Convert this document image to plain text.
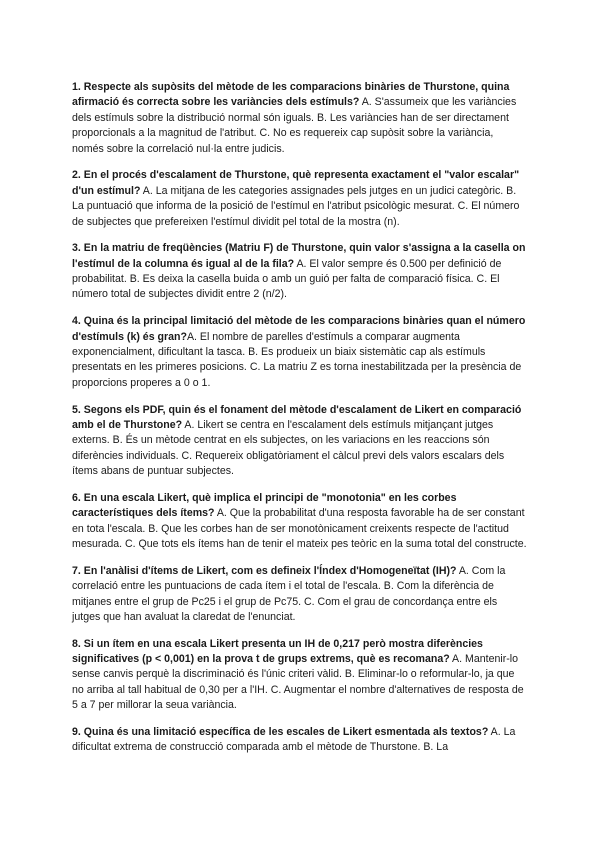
1. Respecte als supòsits del mètode de les comparacions binàries de Thurstone, quina afirmació és correcta sobre les variàncies dels estímuls? A. S'assumeix que les variàncies dels estímuls sobre la distribució normal són iguals. B. Les variàncies han de ser directament proporcionals a la magnitud de l'atribut. C. No es requereix cap supòsit sobre la variància, només sobre la correlació nul·la entre judicis.

2. En el procés d'escalament de Thurstone, què representa exactament el "valor escalar" d'un estímul? A. La mitjana de les categories assignades pels jutges en un judici categòric. B. La puntuació que informa de la posició de l'estímul en l'atribut psicològic mesurat. C. El número de subjectes que prefereixen l'estímul dividit pel total de la mostra (n).

3. En la matriu de freqüències (Matriu F) de Thurstone, quin valor s'assigna a la casella on l'estímul de la columna és igual al de la fila? A. El valor sempre és 0.500 per definició de probabilitat. B. Es deixa la casella buida o amb un guió per falta de comparació física. C. El número total de subjectes dividit entre 2 (n/2).

4. Quina és la principal limitació del mètode de les comparacions binàries quan el número d'estímuls (k) és gran?A. El nombre de parelles d'estímuls a comparar augmenta exponencialment, dificultant la tasca. B. Es produeix un biaix sistemàtic cap als estímuls presentats en les primeres posicions. C. La matriu Z es torna inestabilitzada per la presència de proporcions properes a 0 o 1.

5. Segons els PDF, quin és el fonament del mètode d'escalament de Likert en comparació amb el de Thurstone? A. Likert se centra en l'escalament dels estímuls mitjançant jutges externs. B. És un mètode centrat en els subjectes, on les variacions en les reaccions són diferències individuals. C. Requereix obligatòriament el càlcul previ dels valors escalars dels ítems abans de puntuar subjectes.

6. En una escala Likert, què implica el principi de "monotonia" en les corbes característiques dels ítems? A. Que la probabilitat d'una resposta favorable ha de ser constant en tota l'escala. B. Que les corbes han de ser monotònicament creixents respecte de l'actitud mesurada. C. Que tots els ítems han de tenir el mateix pes teòric en la suma total del constructe.

7. En l'anàlisi d'ítems de Likert, com es defineix l'Índex d'Homogeneïtat (IH)? A. Com la correlació entre les puntuacions de cada ítem i el total de l'escala. B. Com la diferència de mitjanes entre el grup de Pc25 i el grup de Pc75. C. Com el grau de concordança entre els jutges que han avaluat la claredat de l'enunciat.

8. Si un ítem en una escala Likert presenta un IH de 0,217 però mostra diferències significatives (p < 0,001) en la prova t de grups extrems, què es recomana? A. Mantenir-lo sense canvis perquè la discriminació és l'únic criteri vàlid. B. Eliminar-lo o reformular-lo, ja que no arriba al tall habitual de 0,30 per a l'IH. C. Augmentar el nombre d'alternatives de resposta de 5 a 7 per millorar la seua variància.

9. Quina és una limitació específica de les escales de Likert esmentada als textos? A. La dificultat extrema de construcció comparada amb el mètode de Thurstone. B. La
